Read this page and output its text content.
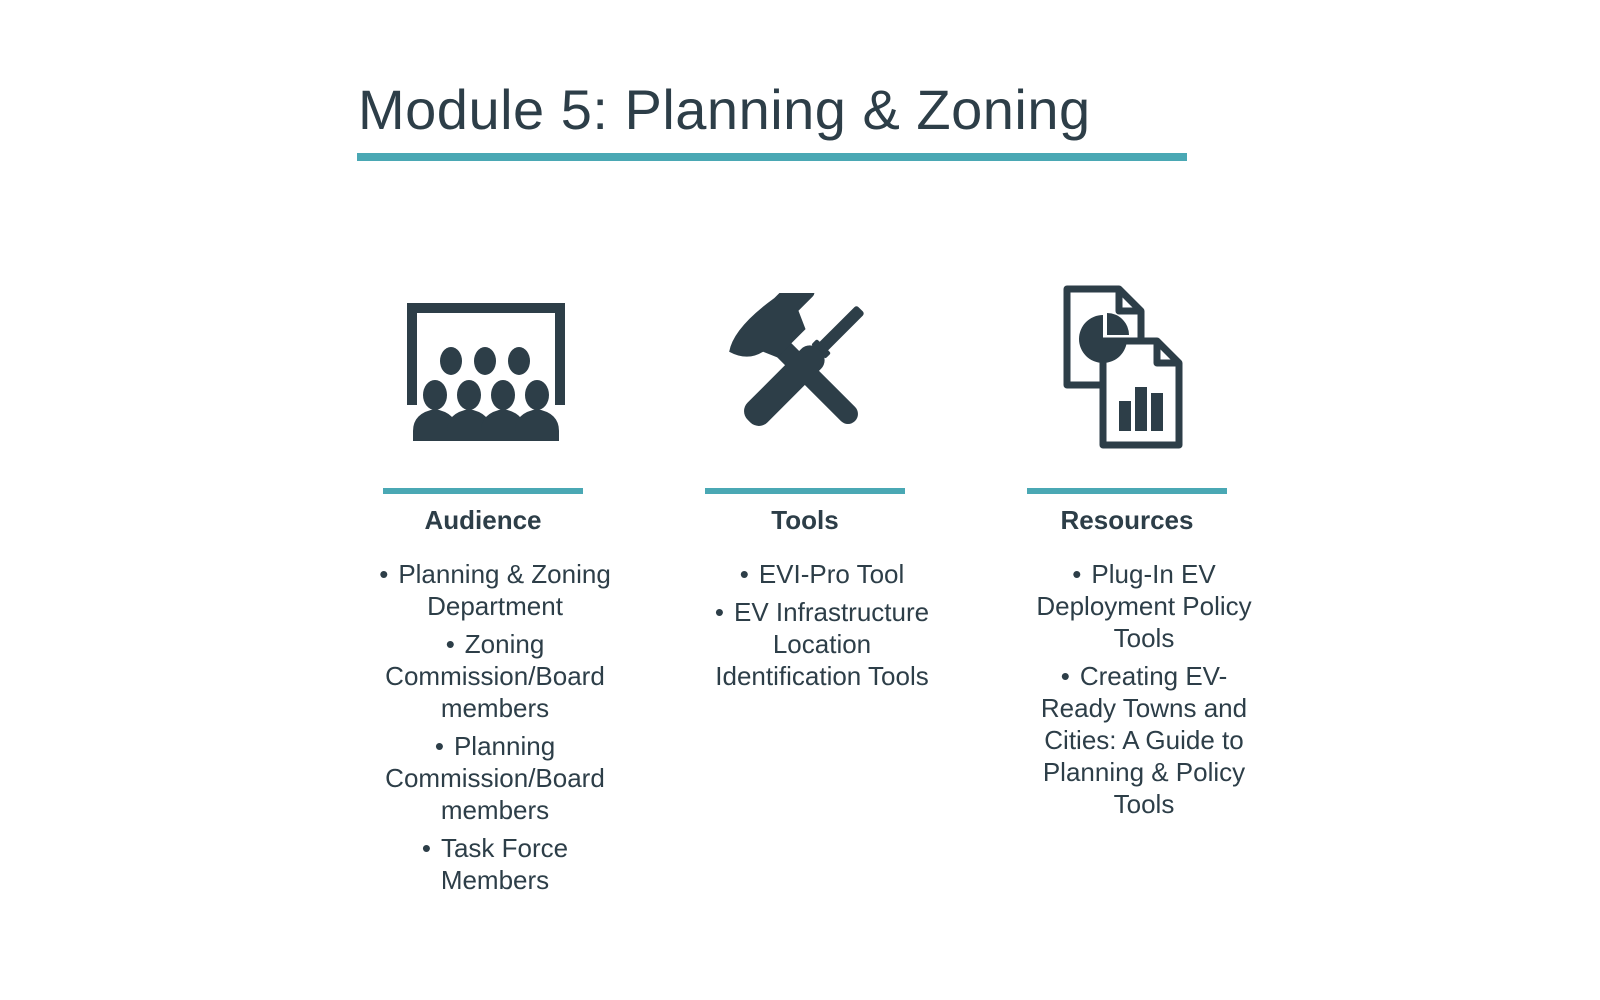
Module 5: Planning & Zoning
Audience
• Planning & Zoning Department
• Zoning Commission/Board members
• Planning Commission/Board members
• Task Force Members
Tools
• EVI-Pro Tool
• EV Infrastructure Location Identification Tools
Resources
• Plug-In EV Deployment Policy Tools
• Creating EV-Ready Towns and Cities: A Guide to Planning & Policy Tools
